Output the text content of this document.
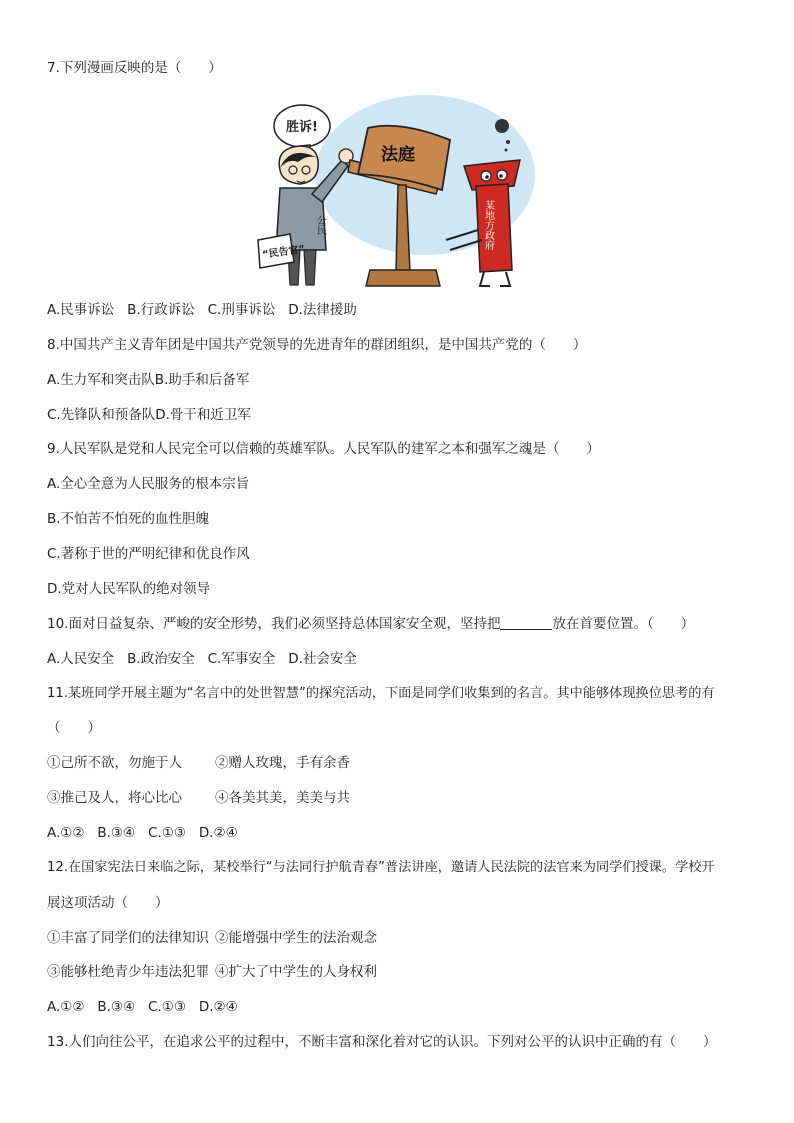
7.下列漫画反映的是（　　）

胜诉!
公民
“民告官”
法庭
某地方政府

A.民事诉讼 B.行政诉讼 C.刑事诉讼 D.法律援助

8.中国共产主义青年团是中国共产党领导的先进青年的群团组织，是中国共产党的（　　）

A.生力军和突击队B.助手和后备军

C.先锋队和预备队D.骨干和近卫军

9.人民军队是党和人民完全可以信赖的英雄军队。人民军队的建军之本和强军之魂是（　　）

A.全心全意为人民服务的根本宗旨

B.不怕苦不怕死的血性胆魄

C.著称于世的严明纪律和优良作风

D.党对人民军队的绝对领导

10.面对日益复杂、严峻的安全形势，我们必须坚持总体国家安全观，坚持把	放在首要位置。（　　）

A.人民安全 B.政治安全 C.军事安全 D.社会安全

11.某班同学开展主题为“名言中的处世智慧”的探究活动，下面是同学们收集到的名言。其中能够体现换位思考的有

（　　）

①己所不欲，勿施于人 ②赠人玫瑰，手有余香

③推己及人，将心比心 ④各美其美，美美与共

A.①② B.③④ C.①③ D.②④

12.在国家宪法日来临之际，某校举行“与法同行护航青春”普法讲座，邀请人民法院的法官来为同学们授课。学校开

展这项活动（　　）

①丰富了同学们的法律知识 ②能增强中学生的法治观念

③能够杜绝青少年违法犯罪 ④扩大了中学生的人身权利

A.①② B.③④ C.①③ D.②④

13.人们向往公平，在追求公平的过程中，不断丰富和深化着对它的认识。下列对公平的认识中正确的有（　　）
